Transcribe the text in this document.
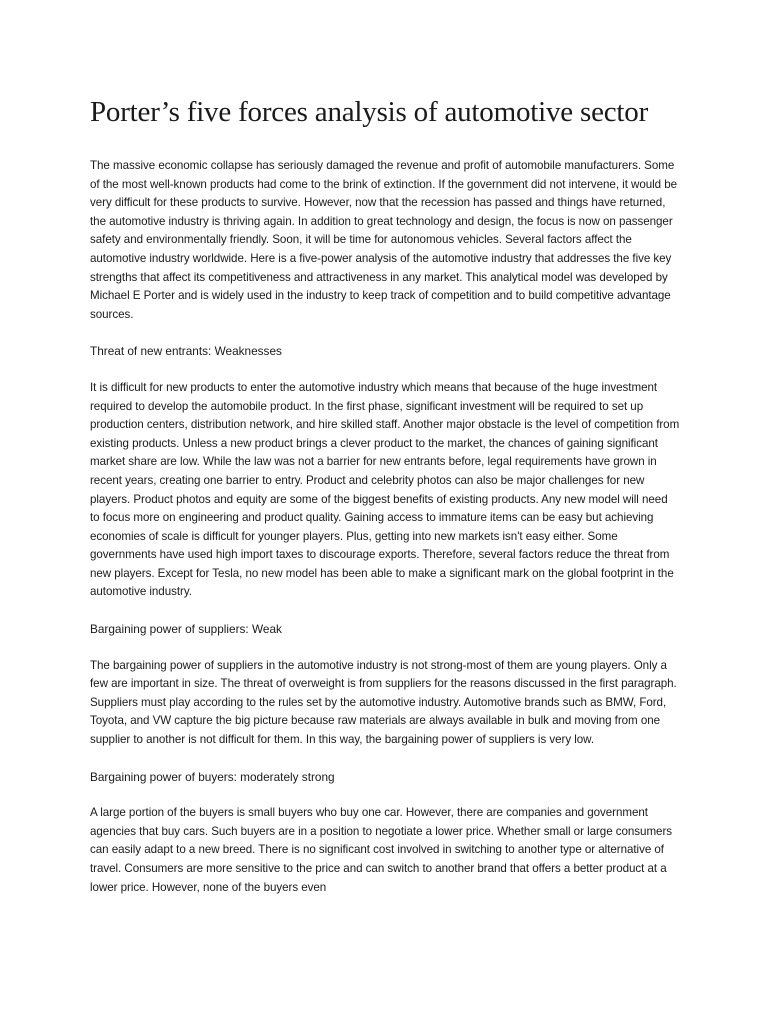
Porter’s five forces analysis of automotive sector

The massive economic collapse has seriously damaged the revenue and profit of automobile manufacturers. Some of the most well-known products had come to the brink of extinction. If the government did not intervene, it would be very difficult for these products to survive. However, now that the recession has passed and things have returned, the automotive industry is thriving again. In addition to great technology and design, the focus is now on passenger safety and environmentally friendly. Soon, it will be time for autonomous vehicles. Several factors affect the automotive industry worldwide. Here is a five-power analysis of the automotive industry that addresses the five key strengths that affect its competitiveness and attractiveness in any market. This analytical model was developed by Michael E Porter and is widely used in the industry to keep track of competition and to build competitive advantage sources.

Threat of new entrants: Weaknesses

It is difficult for new products to enter the automotive industry which means that because of the huge investment required to develop the automobile product. In the first phase, significant investment will be required to set up production centers, distribution network, and hire skilled staff. Another major obstacle is the level of competition from existing products. Unless a new product brings a clever product to the market, the chances of gaining significant market share are low. While the law was not a barrier for new entrants before, legal requirements have grown in recent years, creating one barrier to entry. Product and celebrity photos can also be major challenges for new players. Product photos and equity are some of the biggest benefits of existing products. Any new model will need to focus more on engineering and product quality. Gaining access to immature items can be easy but achieving economies of scale is difficult for younger players. Plus, getting into new markets isn't easy either. Some governments have used high import taxes to discourage exports. Therefore, several factors reduce the threat from new players. Except for Tesla, no new model has been able to make a significant mark on the global footprint in the automotive industry.

Bargaining power of suppliers: Weak

The bargaining power of suppliers in the automotive industry is not strong-most of them are young players. Only a few are important in size. The threat of overweight is from suppliers for the reasons discussed in the first paragraph. Suppliers must play according to the rules set by the automotive industry. Automotive brands such as BMW, Ford, Toyota, and VW capture the big picture because raw materials are always available in bulk and moving from one supplier to another is not difficult for them. In this way, the bargaining power of suppliers is very low.

Bargaining power of buyers: moderately strong

A large portion of the buyers is small buyers who buy one car. However, there are companies and government agencies that buy cars. Such buyers are in a position to negotiate a lower price. Whether small or large consumers can easily adapt to a new breed. There is no significant cost involved in switching to another type or alternative of travel. Consumers are more sensitive to the price and can switch to another brand that offers a better product at a lower price. However, none of the buyers even
